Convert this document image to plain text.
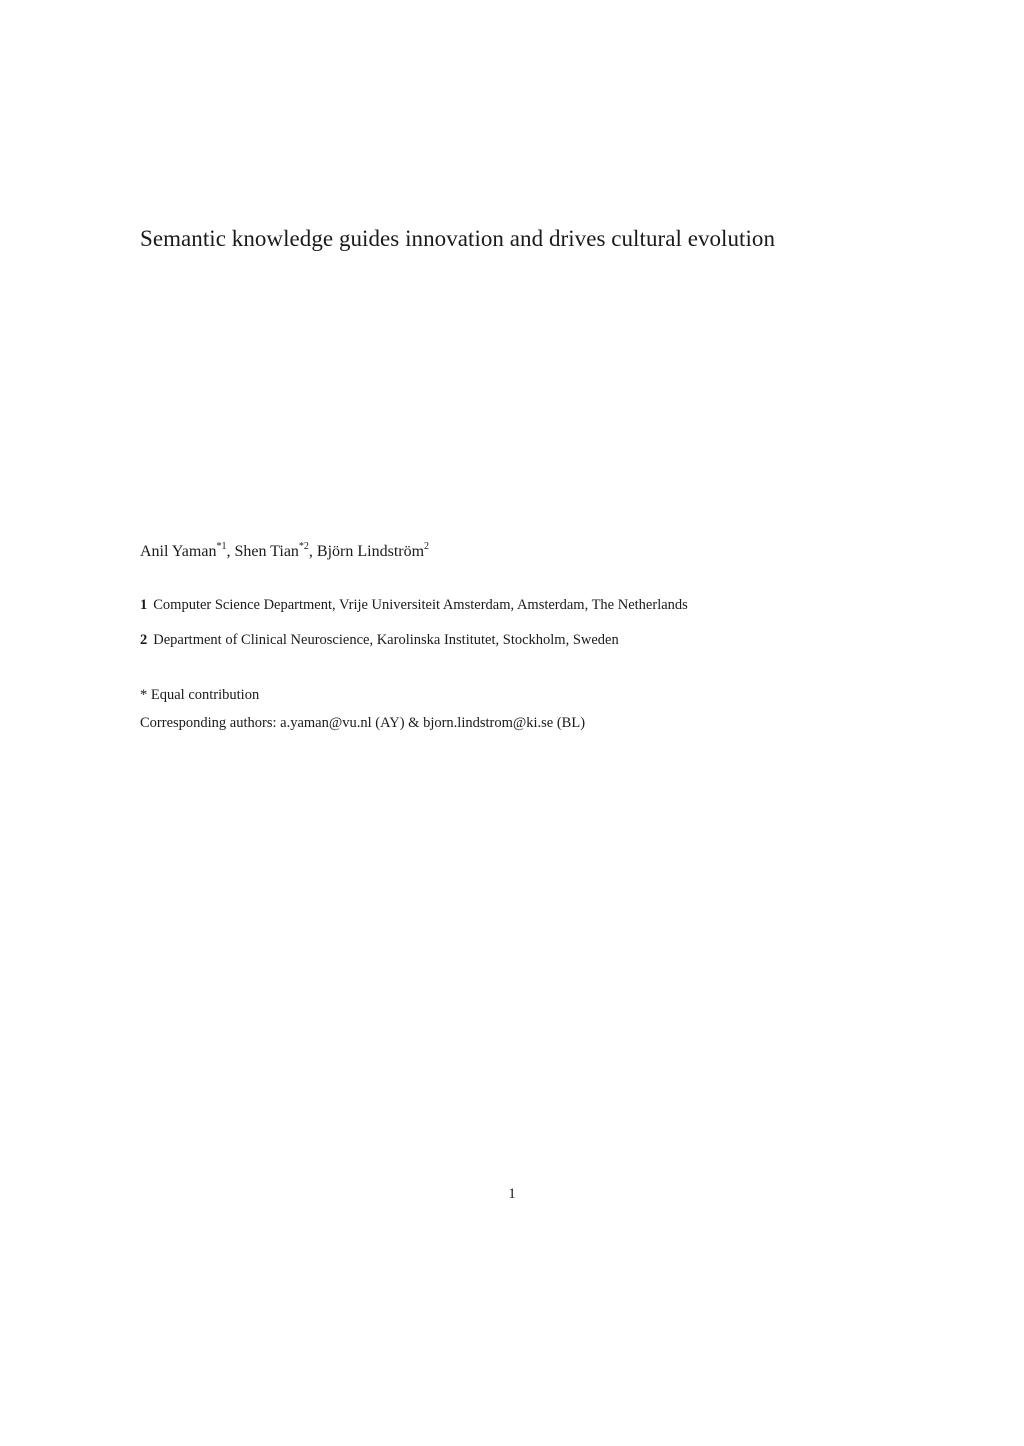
Semantic knowledge guides innovation and drives cultural evolution
Anil Yaman$^{*1}$, Shen Tian$^{*2}$, Björn Lindström$^2$
1 Computer Science Department, Vrije Universiteit Amsterdam, Amsterdam, The Netherlands
2 Department of Clinical Neuroscience, Karolinska Institutet, Stockholm, Sweden
* Equal contribution
Corresponding authors: a.yaman@vu.nl (AY) & bjorn.lindstrom@ki.se (BL)
1
